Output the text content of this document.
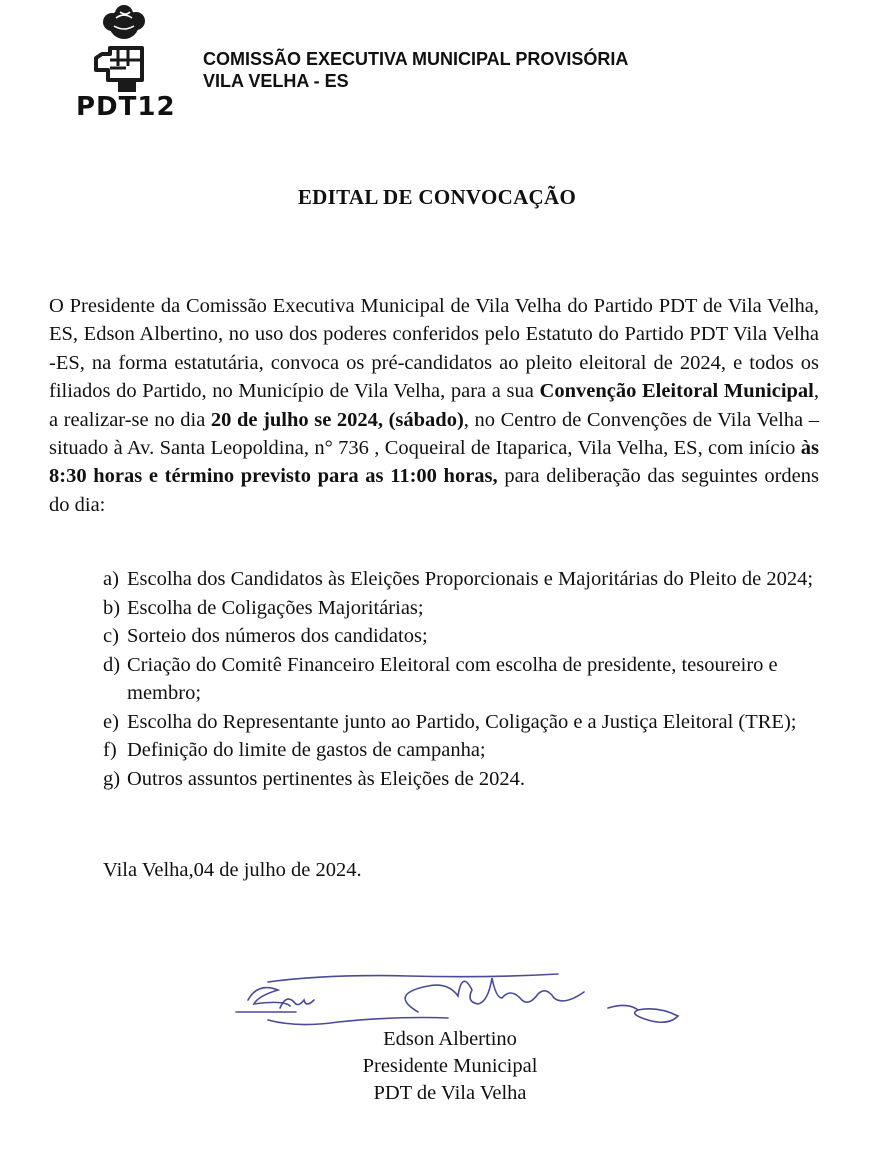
PDT12
COMISSÃO EXECUTIVA MUNICIPAL PROVISÓRIA
VILA VELHA - ES
EDITAL DE CONVOCAÇÃO
O Presidente da Comissão Executiva Municipal de Vila Velha do Partido PDT de Vila Velha, ES, Edson Albertino, no uso dos poderes conferidos pelo Estatuto do Partido PDT Vila Velha -ES, na forma estatutária, convoca os pré-candidatos ao pleito eleitoral de 2024, e todos os filiados do Partido, no Município de Vila Velha, para a sua Convenção Eleitoral Municipal, a realizar-se no dia 20 de julho se 2024, (sábado), no Centro de Convenções de Vila Velha – situado à Av. Santa Leopoldina, n° 736 , Coqueiral de Itaparica, Vila Velha, ES, com início às 8:30 horas e término previsto para as 11:00 horas, para deliberação das seguintes ordens do dia:
a) Escolha dos Candidatos às Eleições Proporcionais e Majoritárias do Pleito de 2024;
b) Escolha de Coligações Majoritárias;
c) Sorteio dos números dos candidatos;
d) Criação do Comitê Financeiro Eleitoral com escolha de presidente, tesoureiro e membro;
e) Escolha do Representante junto ao Partido, Coligação e a Justiça Eleitoral (TRE);
f) Definição do limite de gastos de campanha;
g) Outros assuntos pertinentes às Eleições de 2024.
Vila Velha,04 de julho de 2024.
Edson Albertino
Presidente Municipal
PDT de Vila Velha
